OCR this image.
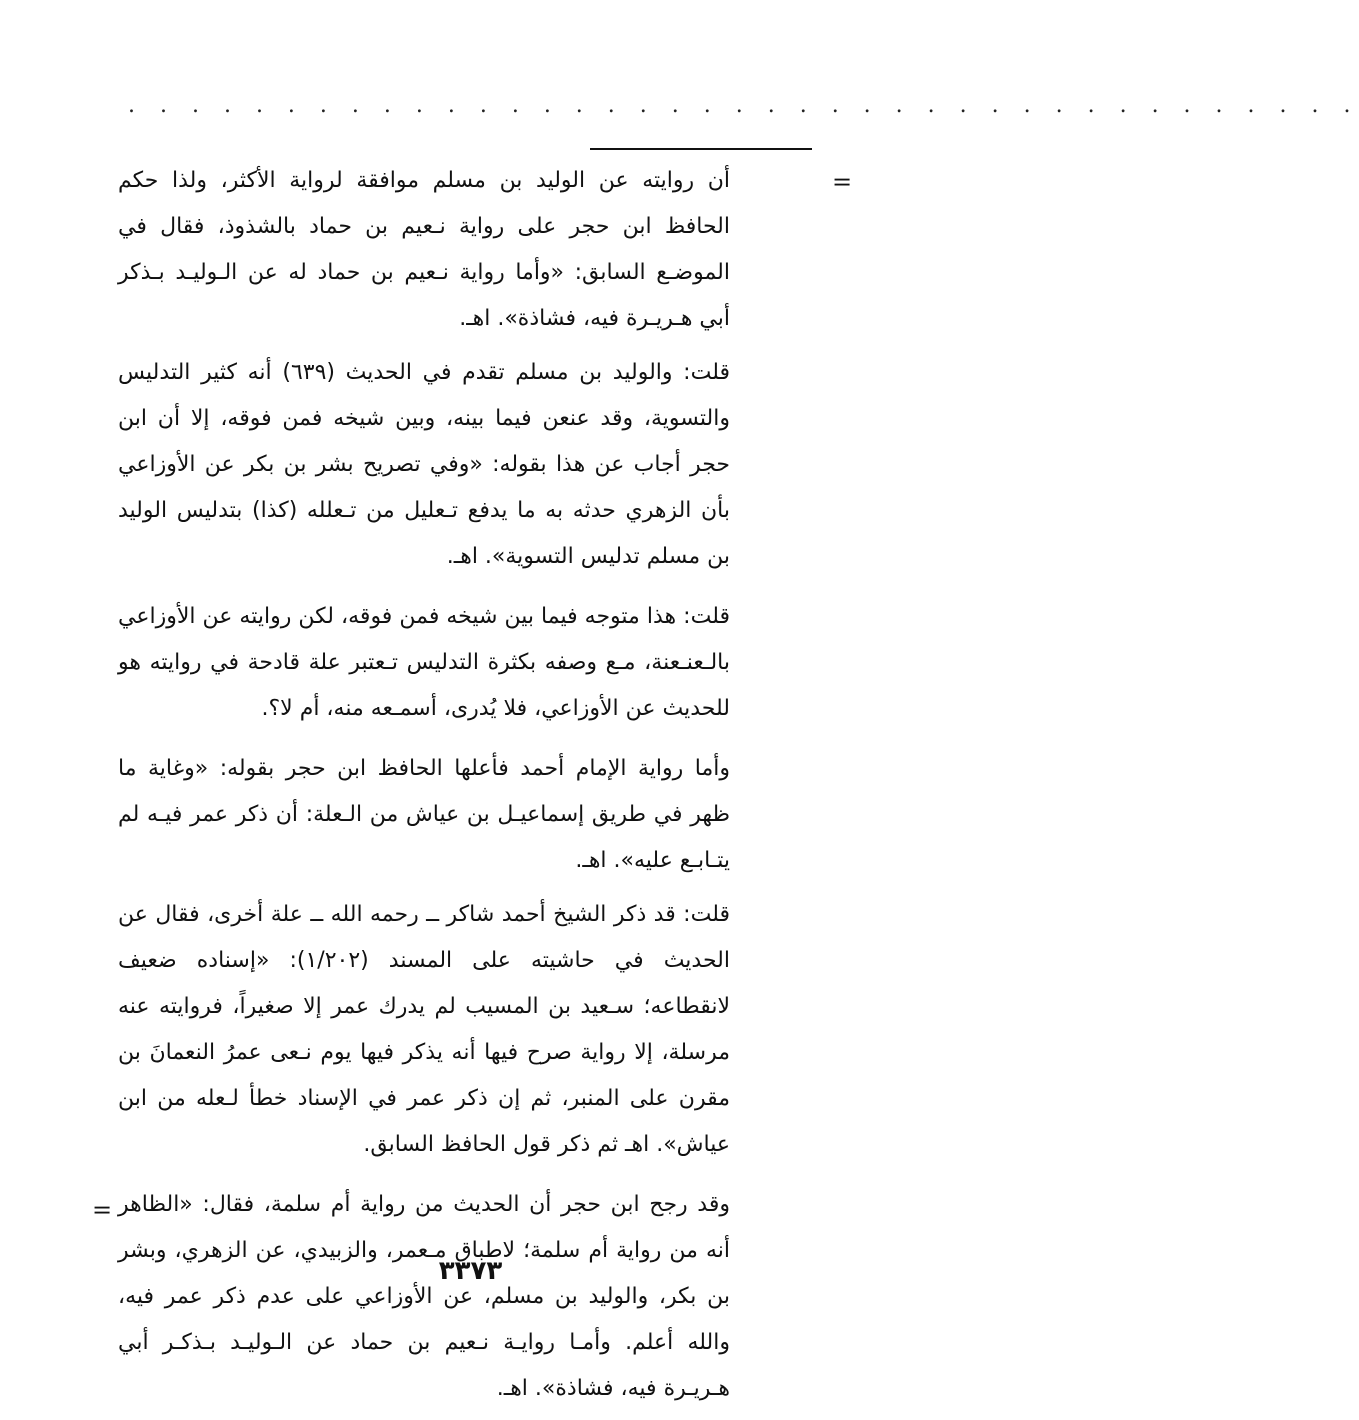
. . . . . . . . . . . . . . . . . . . . . . . . . . . . . . . . . . . . . . .
=
=

أن روايته عن الوليد بن مسلم موافقة لرواية الأكثر، ولذا حكم الحافظ ابن حجر على رواية نـعيم بن حماد بالشذوذ، فقال في الموضـع السابق: «وأما رواية نـعيم بن حماد له عن الـوليـد بـذكر أبي هـريـرة فيه، فشاذة». اهـ.

قلت: والوليد بن مسلم تقدم في الحديث (٦٣٩) أنه كثير التدليس والتسوية، وقد عنعن فيما بينه، وبين شيخه فمن فوقه، إلا أن ابن حجر أجاب عن هذا بقوله: «وفي تصريح بشر بن بكر عن الأوزاعي بأن الزهري حدثه به ما يدفع تـعليل من تـعلله (كذا) بتدليس الوليد بن مسلم تدليس التسوية». اهـ.

قلت: هذا متوجه فيما بين شيخه فمن فوقه، لكن روايته عن الأوزاعي بالـعنـعنة، مـع وصفه بكثرة التدليس تـعتبر علة قادحة في روايته هو للحديث عن الأوزاعي، فلا يُدرى، أسمـعه منه، أم لا؟.

وأما رواية الإمام أحمد فأعلها الحافظ ابن حجر بقوله: «وغاية ما ظهر في طريق إسماعيـل بن عياش من الـعلة: أن ذكر عمر فيـه لم يتـابـع عليه». اهـ.

قلت: قد ذكر الشيخ أحمد شاكر ــ رحمه الله ــ علة أخرى، فقال عن الحديث في حاشيته على المسند (١/٢٠٢): «إسناده ضعيف لانقطاعه؛ سـعيد بن المسيب لم يدرك عمر إلا صغيراً، فروايته عنه مرسلة، إلا رواية صرح فيها أنه يذكر فيها يوم نـعى عمرُ النعمانَ بن مقرن على المنبر، ثم إن ذكر عمر في الإسناد خطأ لـعله من ابن عياش». اهـ ثم ذكر قول الحافظ السابق.

وقد رجح ابن حجر أن الحديث من رواية أم سلمة، فقال: «الظاهر أنه من رواية أم سلمة؛ لاطباق مـعمر، والزبيدي، عن الزهري، وبشر بن بكر، والوليد بن مسلم، عن الأوزاعي على عدم ذكر عمر فيه، والله أعلم. وأمـا روايـة نـعيم بن حماد عن الـوليـد بـذكـر أبي هـريـرة فيه، فشاذة». اهـ.

٣٣٧٣
